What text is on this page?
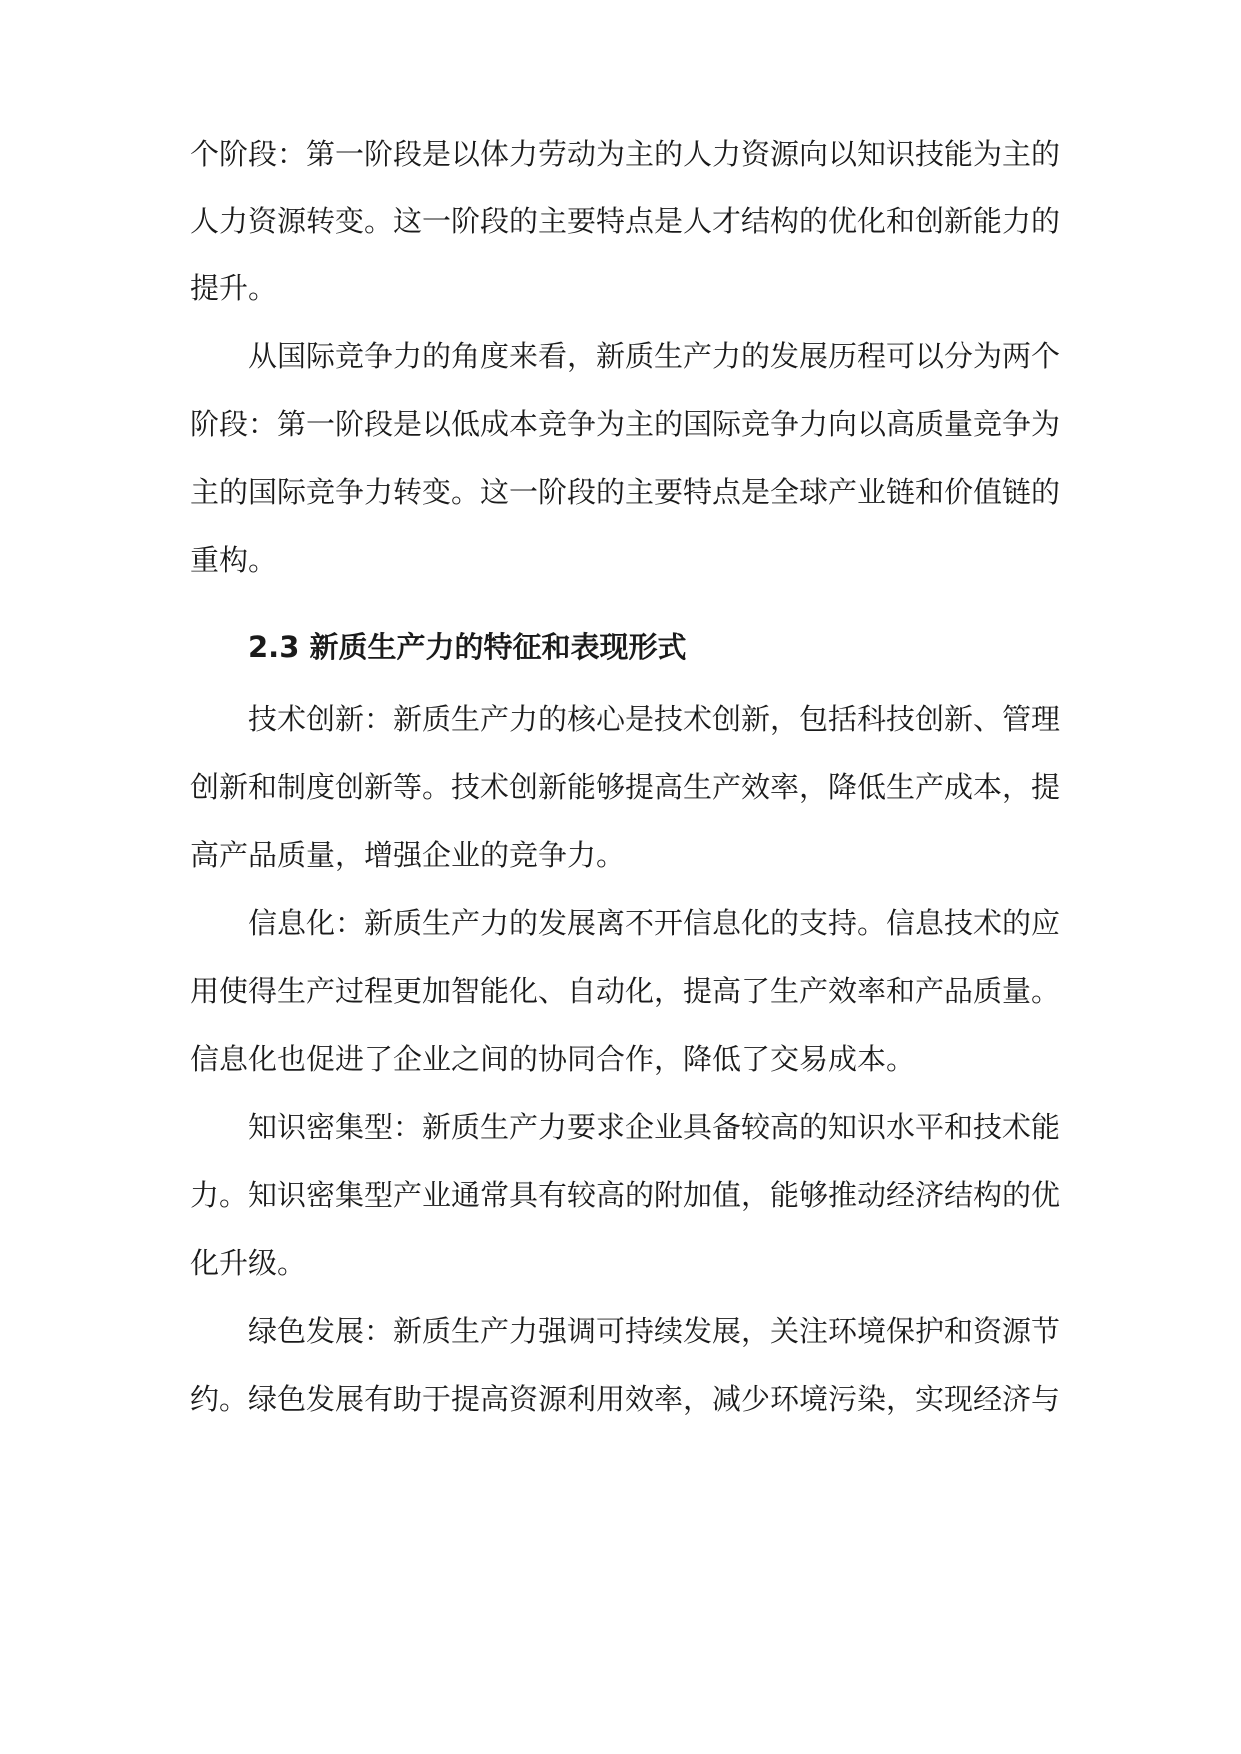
个阶段：第一阶段是以体力劳动为主的人力资源向以知识技能为主的
人力资源转变。这一阶段的主要特点是人才结构的优化和创新能力的
提升。
从国际竞争力的角度来看，新质生产力的发展历程可以分为两个
阶段：第一阶段是以低成本竞争为主的国际竞争力向以高质量竞争为
主的国际竞争力转变。这一阶段的主要特点是全球产业链和价值链的
重构。
2.3 新质生产力的特征和表现形式
技术创新：新质生产力的核心是技术创新，包括科技创新、管理
创新和制度创新等。技术创新能够提高生产效率，降低生产成本，提
高产品质量，增强企业的竞争力。
信息化：新质生产力的发展离不开信息化的支持。信息技术的应
用使得生产过程更加智能化、自动化，提高了生产效率和产品质量。
信息化也促进了企业之间的协同合作，降低了交易成本。
知识密集型：新质生产力要求企业具备较高的知识水平和技术能
力。知识密集型产业通常具有较高的附加值，能够推动经济结构的优
化升级。
绿色发展：新质生产力强调可持续发展，关注环境保护和资源节
约。绿色发展有助于提高资源利用效率，减少环境污染，实现经济与
